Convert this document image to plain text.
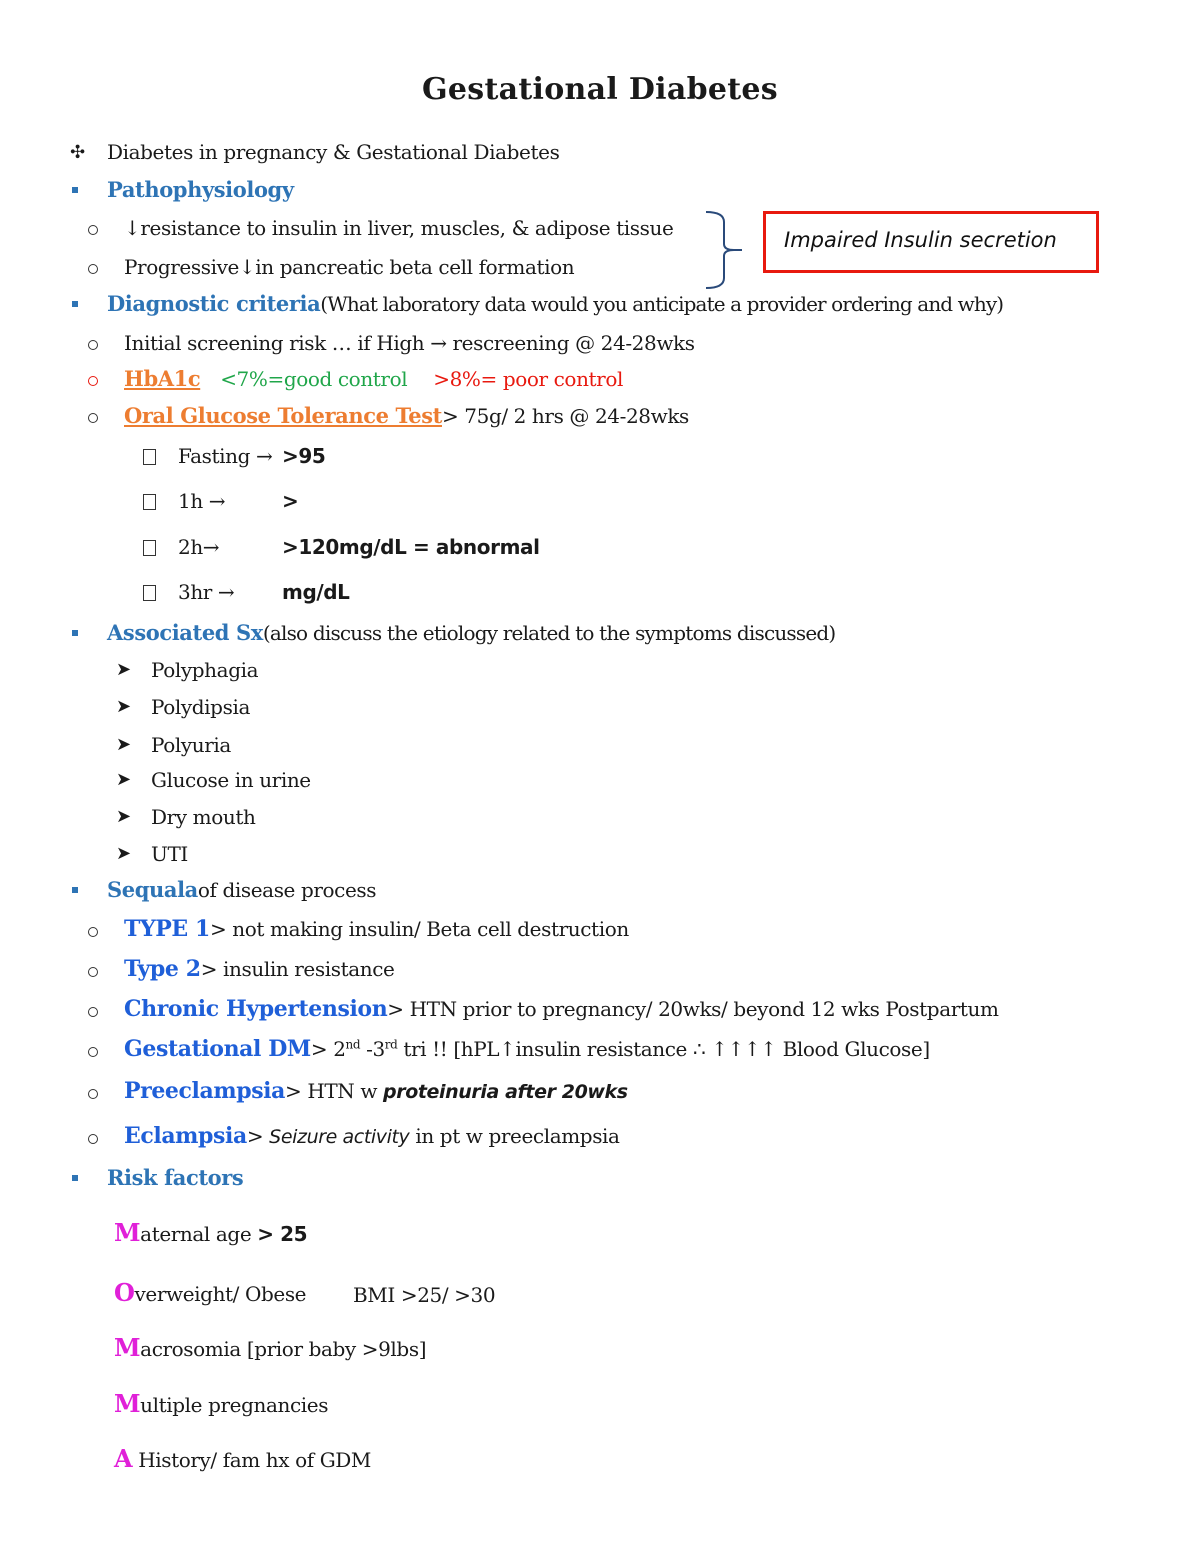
Gestational Diabetes
✣ Diabetes in pregnancy & Gestational Diabetes
Pathophysiology
↓resistance to insulin in liver, muscles, & adipose tissue
Progressive↓in pancreatic beta cell formation
Impaired Insulin secretion
Diagnostic criteria(What laboratory data would you anticipate a provider ordering and why)
Initial screening risk … if High → rescreening @ 24-28wks
HbA1c <7%=good control >8%= poor control
Oral Glucose Tolerance Test> 75g/ 2 hrs @ 24-28wks
Fasting → >95
1h →	>
2h→	>120mg/dL = abnormal
3hr → mg/dL
Associated Sx(also discuss the etiology related to the symptoms discussed)
➤ Polyphagia
➤ Polydipsia
➤ Polyuria
➤ Glucose in urine
➤ Dry mouth
➤ UTI
Sequalaof disease process
TYPE 1> not making insulin/ Beta cell destruction
Type 2> insulin resistance
Chronic Hypertension> HTN prior to pregnancy/ 20wks/ beyond 12 wks Postpartum
Gestational DM> 2nd -3rd tri !! [hPL↑insulin resistance ∴ ↑↑↑↑ Blood Glucose]
Preeclampsia> HTN w proteinuria after 20wks
Eclampsia> Seizure activity in pt w preeclampsia
Risk factors
Maternal age > 25
Overweight/ Obese BMI >25/ >30
Macrosomia [prior baby >9lbs]
Multiple pregnancies
A History/ fam hx of GDM
